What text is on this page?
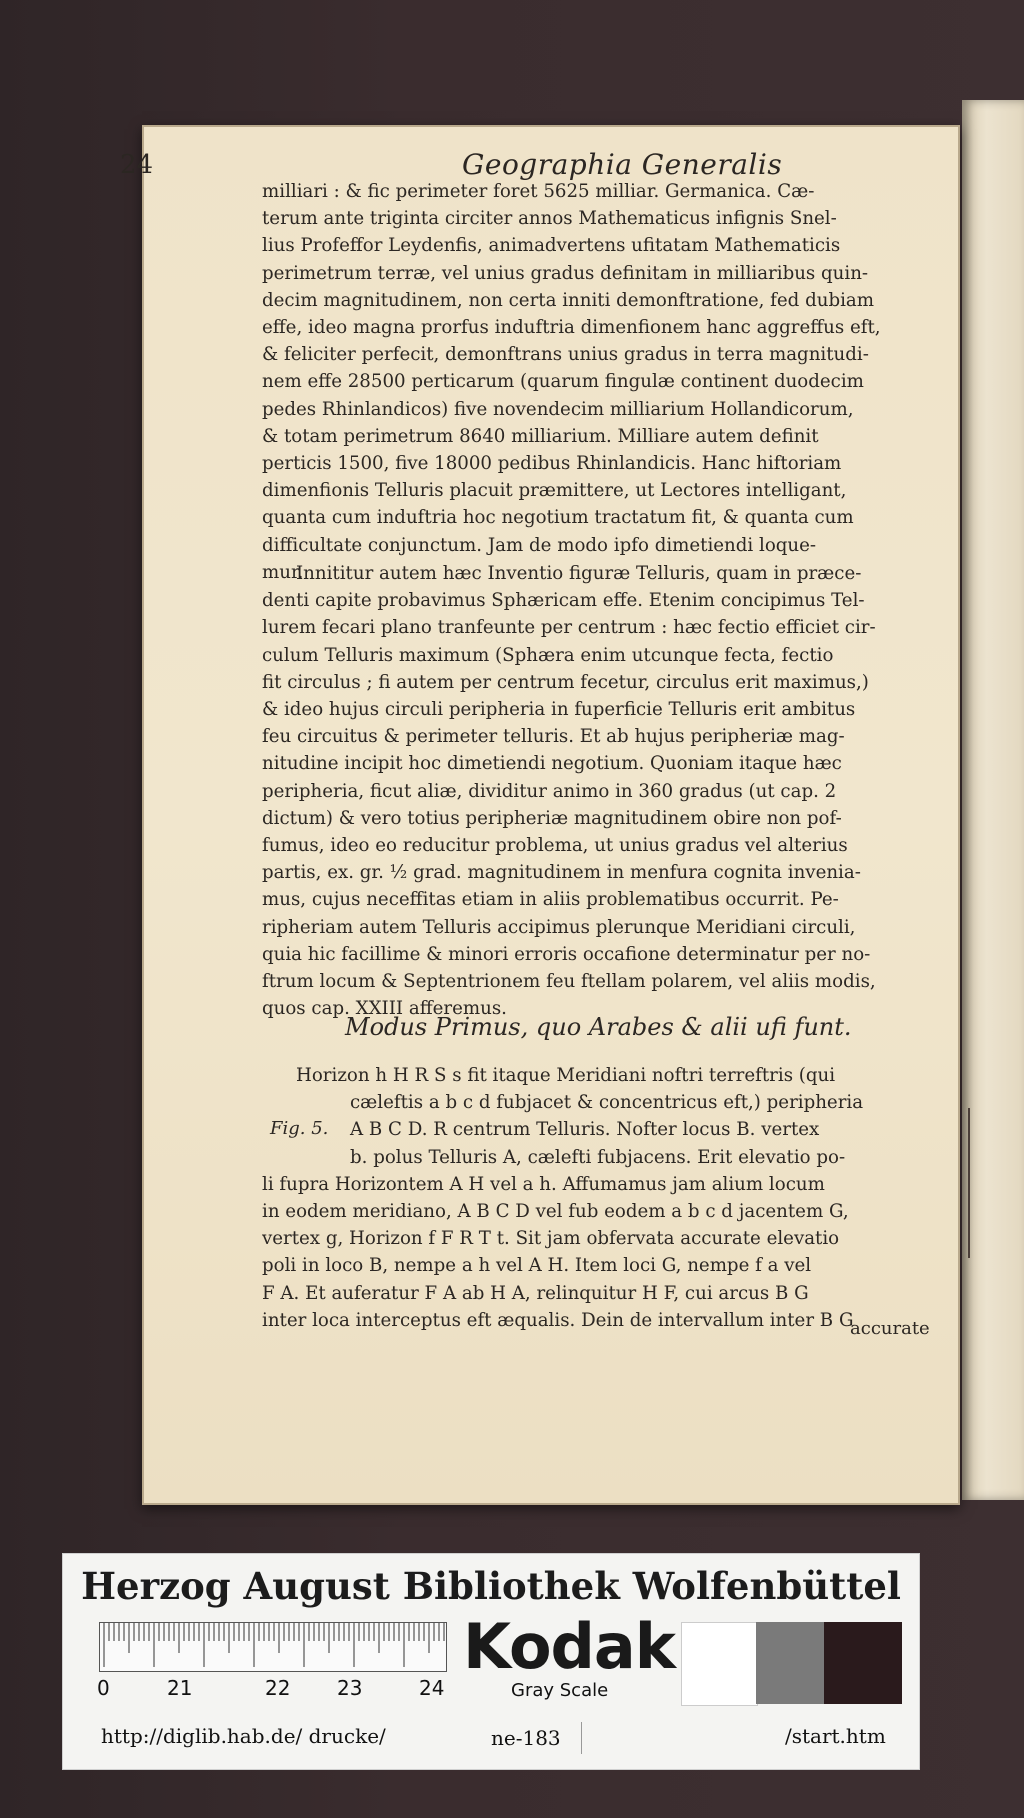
24	Geographia Generalis
milliari : & fic perimeter foret 5625 milliar. Germanica. Cæ-
terum ante triginta circiter annos Mathematicus infignis Snel-
lius Profeffor Leydenfis, animadvertens ufitatam Mathematicis
perimetrum terræ, vel unius gradus definitam in milliaribus quin-
decim magnitudinem, non certa inniti demonftratione, fed dubiam
effe, ideo magna prorfus induftria dimenfionem hanc aggreffus eft,
& feliciter perfecit, demonftrans unius gradus in terra magnitudi-
nem effe 28500 perticarum (quarum fingulæ continent duodecim
pedes Rhinlandicos) five novendecim milliarium Hollandicorum,
& totam perimetrum 8640 milliarium. Milliare autem definit
perticis 1500, five 18000 pedibus Rhinlandicis. Hanc hiftoriam
dimenfionis Telluris placuit præmittere, ut Lectores intelligant,
quanta cum induftria hoc negotium tractatum fit, & quanta cum
difficultate conjunctum. Jam de modo ipfo dimetiendi loque-
mur.
Innititur autem hæc Inventio figuræ Telluris, quam in præce-
denti capite probavimus Sphæricam effe. Etenim concipimus Tel-
lurem fecari plano tranfeunte per centrum : hæc fectio efficiet cir-
culum Telluris maximum (Sphæra enim utcunque fecta, fectio
fit circulus ; fi autem per centrum fecetur, circulus erit maximus,)
& ideo hujus circuli peripheria in fuperficie Telluris erit ambitus
feu circuitus & perimeter telluris. Et ab hujus peripheriæ mag-
nitudine incipit hoc dimetiendi negotium. Quoniam itaque hæc
peripheria, ficut aliæ, dividitur animo in 360 gradus (ut cap. 2
dictum) & vero totius peripheriæ magnitudinem obire non pof-
fumus, ideo eo reducitur problema, ut unius gradus vel alterius
partis, ex. gr. ½ grad. magnitudinem in menfura cognita invenia-
mus, cujus neceffitas etiam in aliis problematibus occurrit. Pe-
ripheriam autem Telluris accipimus plerunque Meridiani circuli,
quia hic facillime & minori erroris occafione determinatur per no-
ftrum locum & Septentrionem feu ftellam polarem, vel aliis modis,
quos cap. XXIII afferemus.
Modus Primus, quo Arabes & alii ufi funt.
Horizon h H R S s fit itaque Meridiani noftri terreftris (qui
cæleftis a b c d fubjacet & concentricus eft,) peripheria
A B C D. R centrum Telluris. Nofter locus B. vertex
b. polus Telluris A, cælefti fubjacens. Erit elevatio po-
li fupra Horizontem A H vel a h. Affumamus jam alium locum
in eodem meridiano, A B C D vel fub eodem a b c d jacentem G,
vertex g, Horizon f F R T t. Sit jam obfervata accurate elevatio
poli in loco B, nempe a h vel A H. Item loci G, nempe f a vel
F A. Et auferatur F A ab H A, relinquitur H F, cui arcus B G
inter loca interceptus eft æqualis. Dein de intervallum inter B G
Fig. 5.
accurate
Herzog August Bibliothek Wolfenbüttel
0	21	22 23	24
Kodak
Gray Scale
http://diglib.hab.de/ drucke/	ne-183	/start.htm
